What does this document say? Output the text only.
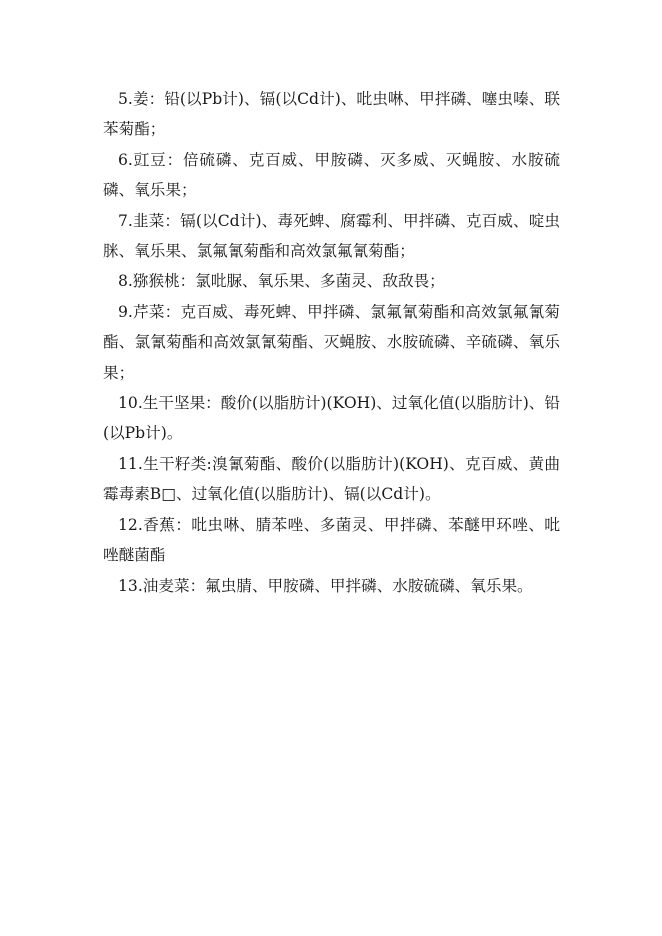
5.姜：铅(以Pb计)、镉(以Cd计)、吡虫啉、甲拌磷、噻虫嗪、联苯菊酯；

6.豇豆：倍硫磷、克百威、甲胺磷、灭多威、灭蝇胺、水胺硫磷、氧乐果；

7.韭菜：镉(以Cd计)、毒死蜱、腐霉利、甲拌磷、克百威、啶虫脒、氧乐果、氯氟氰菊酯和高效氯氟氰菊酯；

8.猕猴桃：氯吡脲、氧乐果、多菌灵、敌敌畏；

9.芹菜：克百威、毒死蜱、甲拌磷、氯氟氰菊酯和高效氯氟氰菊酯、氯氰菊酯和高效氯氰菊酯、灭蝇胺、水胺硫磷、辛硫磷、氧乐果；

10.生干坚果：酸价(以脂肪计)(KOH)、过氧化值(以脂肪计)、铅(以Pb计)。

11.生干籽类:溴氰菊酯、酸价(以脂肪计)(KOH)、克百威、黄曲霉毒素B□、过氧化值(以脂肪计)、镉(以Cd计)。

12.香蕉：吡虫啉、腈苯唑、多菌灵、甲拌磷、苯醚甲环唑、吡唑醚菌酯

13.油麦菜：氟虫腈、甲胺磷、甲拌磷、水胺硫磷、氧乐果。
